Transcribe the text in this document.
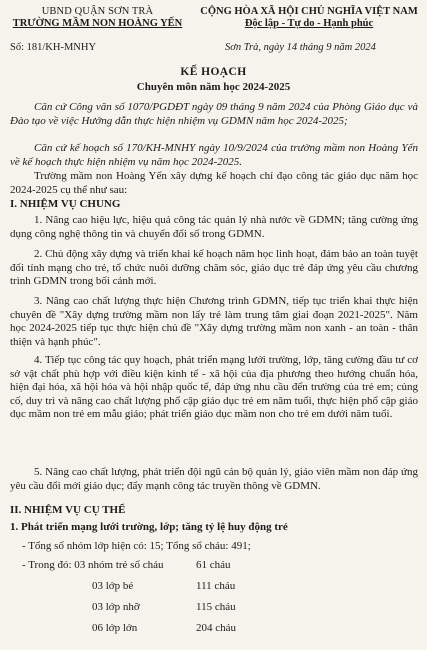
UBND QUẬN SƠN TRÀ
TRƯỜNG MẦM NON HOÀNG YẾN
Số: 181/KH-MNHY
CỘNG HÒA XÃ HỘI CHỦ NGHĨA VIỆT NAM
Độc lập - Tự do - Hạnh phúc
Sơn Trà, ngày 14 tháng 9 năm 2024
KẾ HOẠCH
Chuyên môn năm học 2024-2025
Căn cứ Công văn số 1070/PGDĐT ngày 09 tháng 9 năm 2024 của Phòng Giáo dục và Đào tạo về việc Hướng dẫn thực hiện nhiệm vụ GDMN năm học 2024-2025;
Căn cứ kế hoạch số 170/KH-MNHY ngày 10/9/2024 của trường mầm non Hoàng Yến về kế hoạch thực hiện nhiệm vụ năm học 2024-2025.
Trường mầm non Hoàng Yến xây dựng kế hoạch chỉ đạo công tác giáo dục năm học 2024-2025 cụ thể như sau:
I. NHIỆM VỤ CHUNG
1. Nâng cao hiệu lực, hiệu quả công tác quản lý nhà nước về GDMN; tăng cường ứng dụng công nghệ thông tin và chuyển đổi số trong GDMN.
2. Chủ động xây dựng và triển khai kế hoạch năm học linh hoạt, đảm bảo an toàn tuyệt đối tính mạng cho trẻ, tổ chức nuôi dưỡng chăm sóc, giáo dục trẻ đáp ứng yêu cầu chương trình GDMN trong bối cảnh mới.
3. Nâng cao chất lượng thực hiện Chương trình GDMN, tiếp tục triển khai thực hiện chuyên đề "Xây dựng trường mầm non lấy trẻ làm trung tâm giai đoạn 2021-2025". Năm học 2024-2025 tiếp tục thực hiện chủ đề "Xây dựng trường mầm non xanh - an toàn - thân thiện và hạnh phúc".
4. Tiếp tục công tác quy hoạch, phát triển mạng lưới trường, lớp, tăng cường đầu tư cơ sở vật chất phù hợp với điều kiện kinh tế - xã hội của địa phương theo hướng chuẩn hóa, hiện đại hóa, xã hội hóa và hội nhập quốc tế, đáp ứng nhu cầu đến trường của trẻ em; củng cố, duy trì và nâng cao chất lượng phổ cập giáo dục trẻ em năm tuổi, thực hiện phổ cập giáo dục mầm non trẻ em mẫu giáo; phát triển giáo dục mầm non cho trẻ em dưới năm tuổi.
5. Nâng cao chất lượng, phát triển đội ngũ cán bộ quản lý, giáo viên mầm non đáp ứng yêu cầu đổi mới giáo dục; đẩy mạnh công tác truyền thông về GDMN.
II. NHIỆM VỤ CỤ THỂ
1. Phát triển mạng lưới trường, lớp; tăng tỷ lệ huy động trẻ
- Tổng số nhóm lớp hiện có: 15; Tổng số cháu: 491;
- Trong đó: 03 nhóm trẻ số cháu	61 cháu
03 lớp bé	111 cháu
03 lớp nhỡ	115 cháu
06 lớp lớn	204 cháu
